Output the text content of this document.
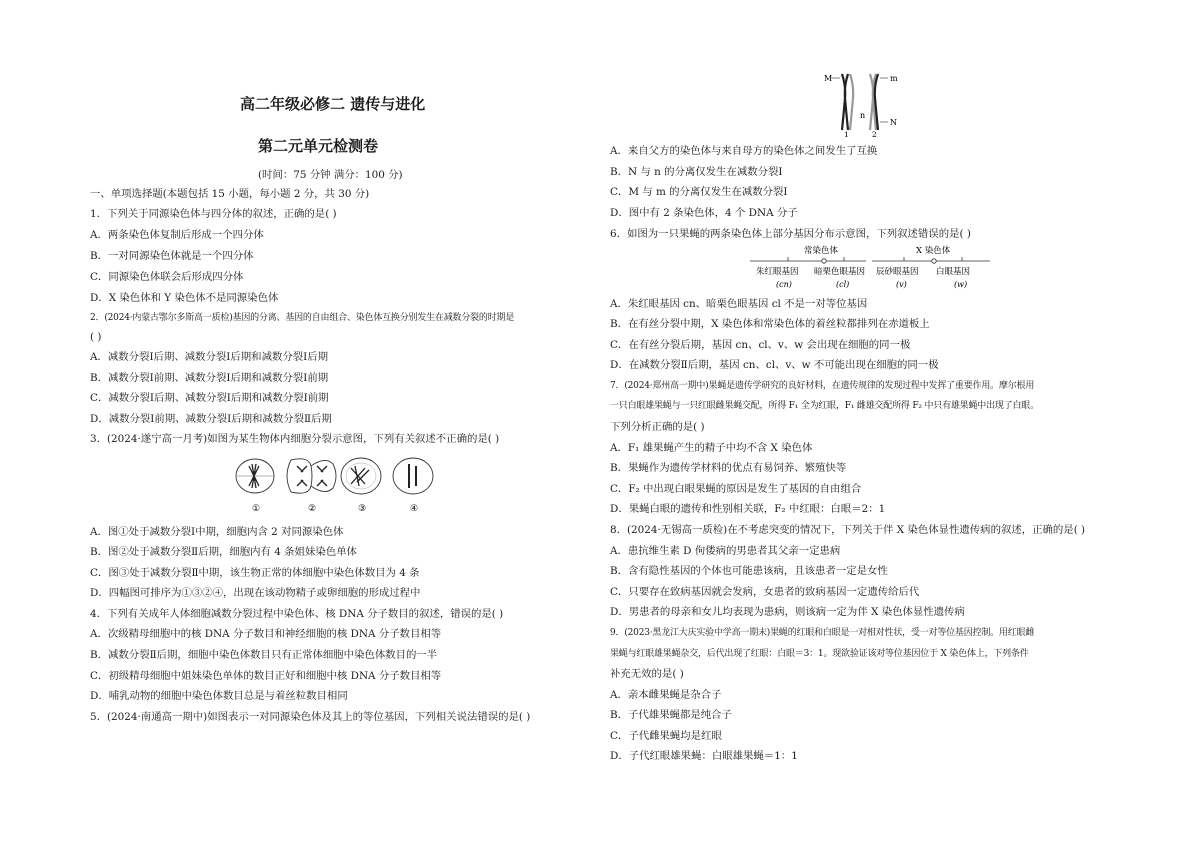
高二年级必修二 遗传与进化
第二元单元检测卷
(时间：75 分钟 满分：100 分)
一、单项选择题(本题包括 15 小题，每小题 2 分，共 30 分)
1．下列关于同源染色体与四分体的叙述，正确的是( )
A．两条染色体复制后形成一个四分体
B．一对同源染色体就是一个四分体
C．同源染色体联会后形成四分体
D．X 染色体和 Y 染色体不是同源染色体
2．(2024·内蒙古鄂尔多斯高一质检)基因的分离、基因的自由组合、染色体互换分别发生在减数分裂的时期是
( )
A．减数分裂Ⅰ后期、减数分裂Ⅰ后期和减数分裂Ⅰ后期
B．减数分裂Ⅰ前期、减数分裂Ⅰ后期和减数分裂Ⅰ前期
C．减数分裂Ⅰ后期、减数分裂Ⅰ后期和减数分裂Ⅰ前期
D．减数分裂Ⅰ前期、减数分裂Ⅰ后期和减数分裂Ⅱ后期
3．(2024·遂宁高一月考)如图为某生物体内细胞分裂示意图，下列有关叙述不正确的是( )
①	②	③	④
A．图①处于减数分裂Ⅰ中期，细胞内含 2 对同源染色体
B．图②处于减数分裂Ⅱ后期，细胞内有 4 条姐妹染色单体
C．图③处于减数分裂Ⅱ中期，该生物正常的体细胞中染色体数目为 4 条
D．四幅图可排序为①③②④，出现在该动物精子或卵细胞的形成过程中
4．下列有关成年人体细胞减数分裂过程中染色体、核 DNA 分子数目的叙述，错误的是( )
A．次级精母细胞中的核 DNA 分子数目和神经细胞的核 DNA 分子数目相等
B．减数分裂Ⅱ后期，细胞中染色体数目只有正常体细胞中染色体数目的一半
C．初级精母细胞中姐妹染色单体的数目正好和细胞中核 DNA 分子数目相等
D．哺乳动物的细胞中染色体数目总是与着丝粒数目相同
5．(2024·南通高一期中)如图表示一对同源染色体及其上的等位基因，下列相关说法错误的是( )
M	m
n
N
1	2
A．来自父方的染色体与来自母方的染色体之间发生了互换
B．N 与 n 的分离仅发生在减数分裂Ⅰ
C．M 与 m 的分离仅发生在减数分裂Ⅰ
D．图中有 2 条染色体，4 个 DNA 分子
6．如图为一只果蝇的两条染色体上部分基因分布示意图，下列叙述错误的是( )
常染色体	X 染色体
朱红眼基因
(cn)
暗栗色眼基因
(cl)
辰砂眼基因
(v)
白眼基因
(w)
A．朱红眼基因 cn、暗栗色眼基因 cl 不是一对等位基因
B．在有丝分裂中期，X 染色体和常染色体的着丝粒都排列在赤道板上
C．在有丝分裂后期，基因 cn、cl、v、w 会出现在细胞的同一极
D．在减数分裂Ⅱ后期，基因 cn、cl、v、w 不可能出现在细胞的同一极
7．(2024·郑州高一期中)果蝇是遗传学研究的良好材料，在遗传规律的发现过程中发挥了重要作用。摩尔根用
一只白眼雄果蝇与一只红眼雌果蝇交配，所得 F₁ 全为红眼，F₁ 雌雄交配所得 F₂ 中只有雄果蝇中出现了白眼。
下列分析正确的是( )
A．F₁ 雄果蝇产生的精子中均不含 X 染色体
B．果蝇作为遗传学材料的优点有易饲养、繁殖快等
C．F₂ 中出现白眼果蝇的原因是发生了基因的自由组合
D．果蝇白眼的遗传和性别相关联，F₂ 中红眼：白眼＝2：1
8．(2024·无锡高一质检)在不考虑突变的情况下，下列关于伴 X 染色体显性遗传病的叙述，正确的是( )
A．患抗维生素 D 佝偻病的男患者其父亲一定患病
B．含有隐性基因的个体也可能患该病，且该患者一定是女性
C．只要存在致病基因就会发病，女患者的致病基因一定遗传给后代
D．男患者的母亲和女儿均表现为患病，则该病一定为伴 X 染色体显性遗传病
9．(2023·黑龙江大庆实验中学高一期末)果蝇的红眼和白眼是一对相对性状，受一对等位基因控制。用红眼雌
果蝇与红眼雄果蝇杂交，后代出现了红眼：白眼＝3：1。现欲验证该对等位基因位于 X 染色体上，下列条件
补充无效的是( )
A．亲本雌果蝇是杂合子
B．子代雄果蝇都是纯合子
C．子代雌果蝇均是红眼
D．子代红眼雄果蝇：白眼雄果蝇＝1：1
